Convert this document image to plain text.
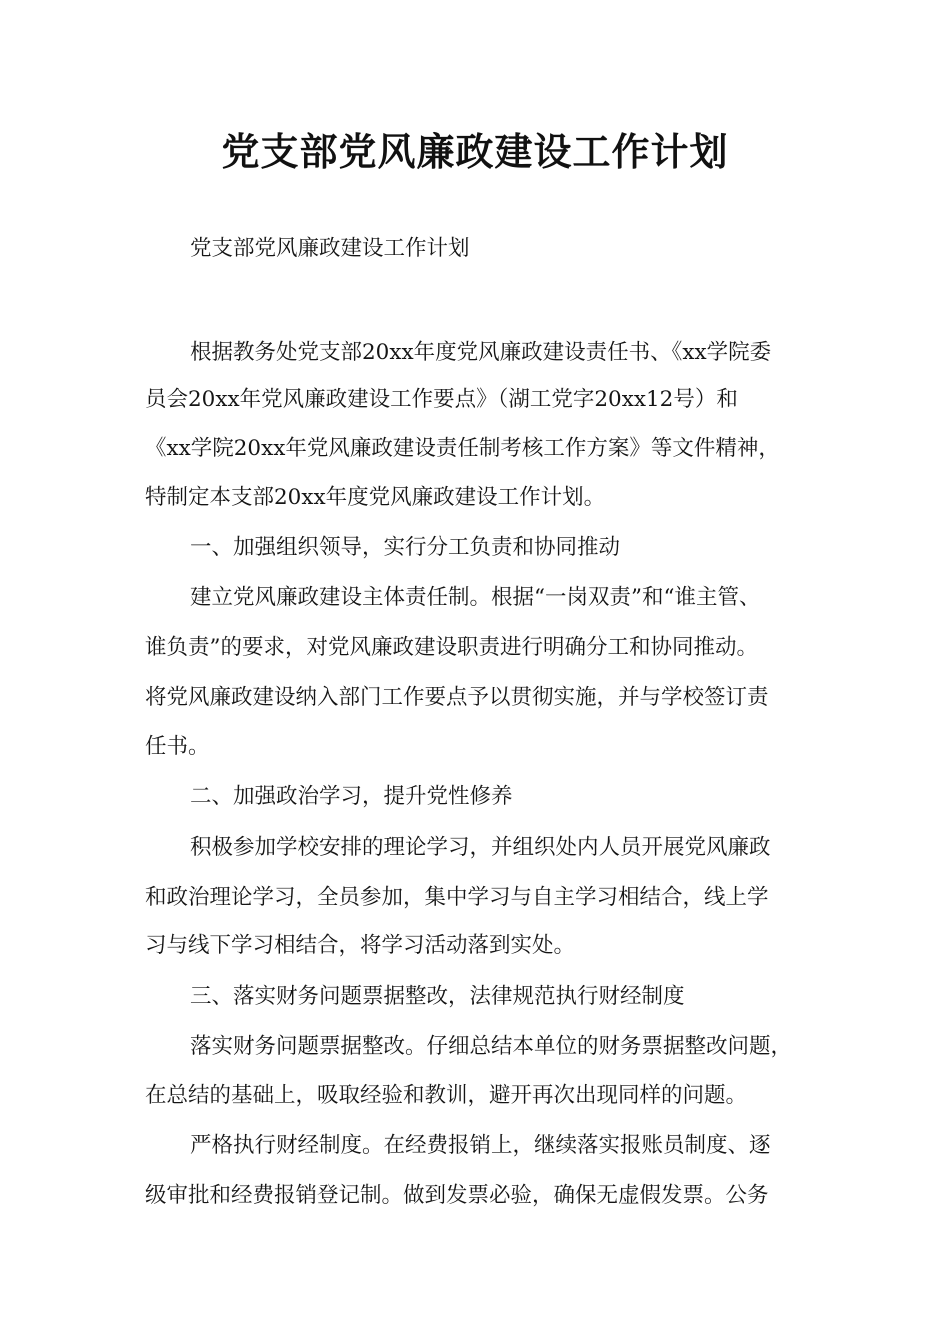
党支部党风廉政建设工作计划
党支部党风廉政建设工作计划
根据教务处党支部20xx年度党风廉政建设责任书、《xx学院委
员会20xx年党风廉政建设工作要点》（湖工党字20xx12号）和
《xx学院20xx年党风廉政建设责任制考核工作方案》等文件精神，
特制定本支部20xx年度党风廉政建设工作计划。
一、加强组织领导，实行分工负责和协同推动
建立党风廉政建设主体责任制。根据“一岗双责”和“谁主管、
谁负责”的要求，对党风廉政建设职责进行明确分工和协同推动。
将党风廉政建设纳入部门工作要点予以贯彻实施，并与学校签订责
任书。
二、加强政治学习，提升党性修养
积极参加学校安排的理论学习，并组织处内人员开展党风廉政
和政治理论学习，全员参加，集中学习与自主学习相结合，线上学
习与线下学习相结合，将学习活动落到实处。
三、落实财务问题票据整改，法律规范执行财经制度
落实财务问题票据整改。仔细总结本单位的财务票据整改问题，
在总结的基础上，吸取经验和教训，避开再次出现同样的问题。
严格执行财经制度。在经费报销上，继续落实报账员制度、逐
级审批和经费报销登记制。做到发票必验，确保无虚假发票。公务
